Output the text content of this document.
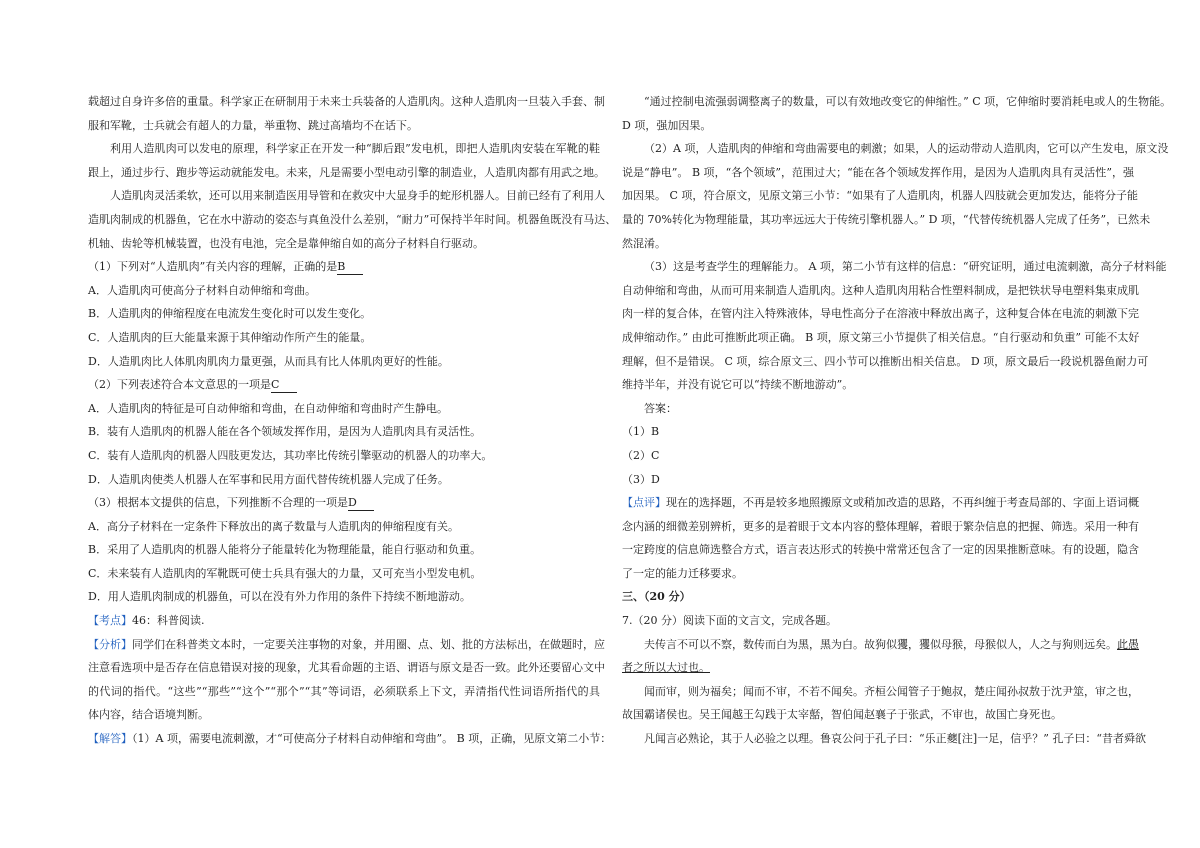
载超过自身许多倍的重量。科学家正在研制用于未来士兵装备的人造肌肉。这种人造肌肉一旦装入手套、制
服和军靴，士兵就会有超人的力量，举重物、跳过高墙均不在话下。
利用人造肌肉可以发电的原理，科学家正在开发一种“脚后跟”发电机，即把人造肌肉安装在军靴的鞋
跟上，通过步行、跑步等运动就能发电。未来，凡是需要小型电动引擎的制造业，人造肌肉都有用武之地。
人造肌肉灵活柔软，还可以用来制造医用导管和在救灾中大显身手的蛇形机器人。目前已经有了利用人
造肌肉制成的机器鱼，它在水中游动的姿态与真鱼没什么差别，“耐力”可保持半年时间。机器鱼既没有马达、
机轴、齿轮等机械装置，也没有电池，完全是靠伸缩自如的高分子材料自行驱动。
（1）下列对“人造肌肉”有关内容的理解，正确的是B
A．人造肌肉可使高分子材料自动伸缩和弯曲。
B．人造肌肉的伸缩程度在电流发生变化时可以发生变化。
C．人造肌肉的巨大能量来源于其伸缩动作所产生的能量。
D．人造肌肉比人体肌肉肌肉力量更强，从而具有比人体肌肉更好的性能。
（2）下列表述符合本文意思的一项是C
A．人造肌肉的特征是可自动伸缩和弯曲，在自动伸缩和弯曲时产生静电。
B．装有人造肌肉的机器人能在各个领域发挥作用，是因为人造肌肉具有灵活性。
C．装有人造肌肉的机器人四肢更发达，其功率比传统引擎驱动的机器人的功率大。
D．人造肌肉使类人机器人在军事和民用方面代替传统机器人完成了任务。
（3）根据本文提供的信息，下列推断不合理的一项是D
A．高分子材料在一定条件下释放出的离子数量与人造肌肉的伸缩程度有关。
B．采用了人造肌肉的机器人能将分子能量转化为物理能量，能自行驱动和负重。
C．未来装有人造肌肉的军靴既可使士兵具有强大的力量，又可充当小型发电机。
D．用人造肌肉制成的机器鱼，可以在没有外力作用的条件下持续不断地游动。
【考点】46：科普阅读.
【分析】同学们在科普类文本时，一定要关注事物的对象，并用圈、点、划、批的方法标出，在做题时，应
注意看选项中是否存在信息错误对接的现象，尤其看命题的主语、谓语与原文是否一致。此外还要留心文中
的代词的指代。“这些”“那些”“这个”“那个”“其”等词语，必须联系上下文，弄清指代性词语所指代的具
体内容，结合语境判断。
【解答】（1）A 项，需要电流刺激，才“可使高分子材料自动伸缩和弯曲”。 B 项，正确，见原文第二小节：
“通过控制电流强弱调整离子的数量，可以有效地改变它的伸缩性。” C 项，它伸缩时要消耗电或人的生物能。
D 项，强加因果。
（2）A 项，人造肌肉的伸缩和弯曲需要电的刺激；如果，人的运动带动人造肌肉，它可以产生发电，原文没
说是“静电”。 B 项，“各个领域”，范围过大；“能在各个领域发挥作用，是因为人造肌肉具有灵活性”，强
加因果。 C 项，符合原文，见原文第三小节：“如果有了人造肌肉，机器人四肢就会更加发达，能将分子能
量的 70%转化为物理能量，其功率远远大于传统引擎机器人。” D 项，“代替传统机器人完成了任务”，已然未
然混淆。
（3）这是考查学生的理解能力。 A 项，第二小节有这样的信息：“研究证明，通过电流刺激，高分子材料能
自动伸缩和弯曲，从而可用来制造人造肌肉。这种人造肌肉用粘合性塑料制成，是把铁状导电塑料集束成肌
肉一样的复合体，在管内注入特殊液体，导电性高分子在溶液中释放出离子，这种复合体在电流的刺激下完
成伸缩动作。” 由此可推断此项正确。 B 项，原文第三小节提供了相关信息。“自行驱动和负重” 可能不太好
理解，但不是错误。 C 项，综合原文三、四小节可以推断出相关信息。 D 项，原文最后一段说机器鱼耐力可
维持半年，并没有说它可以“持续不断地游动”。
答案：
（1）B
（2）C
（3）D
【点评】现在的选择题，不再是较多地照搬原文或稍加改造的思路，不再纠缠于考查局部的、字面上语词概
念内涵的细微差别辨析，更多的是着眼于文本内容的整体理解，着眼于繁杂信息的把握、筛选。采用一种有
一定跨度的信息筛选整合方式，语言表达形式的转换中常常还包含了一定的因果推断意味。有的设题，隐含
了一定的能力迁移要求。
三、（20 分）
7.（20 分）阅读下面的文言文，完成各题。
夫传言不可以不察，数传而白为黑，黑为白。故狗似玃，玃似母猴，母猴似人，人之与狗则远矣。此愚
者之所以大过也。
闻而审，则为福矣；闻而不审，不若不闻矣。齐桓公闻管子于鲍叔，楚庄闻孙叔敖于沈尹筮，审之也，
故国霸诸侯也。吴王闻越王勾践于太宰嚭，智伯闻赵襄子于张武，不审也，故国亡身死也。
凡闻言必熟论，其于人必验之以理。鲁哀公问于孔子曰：“乐正夔[注]一足，信乎？” 孔子曰：“昔者舜欲
